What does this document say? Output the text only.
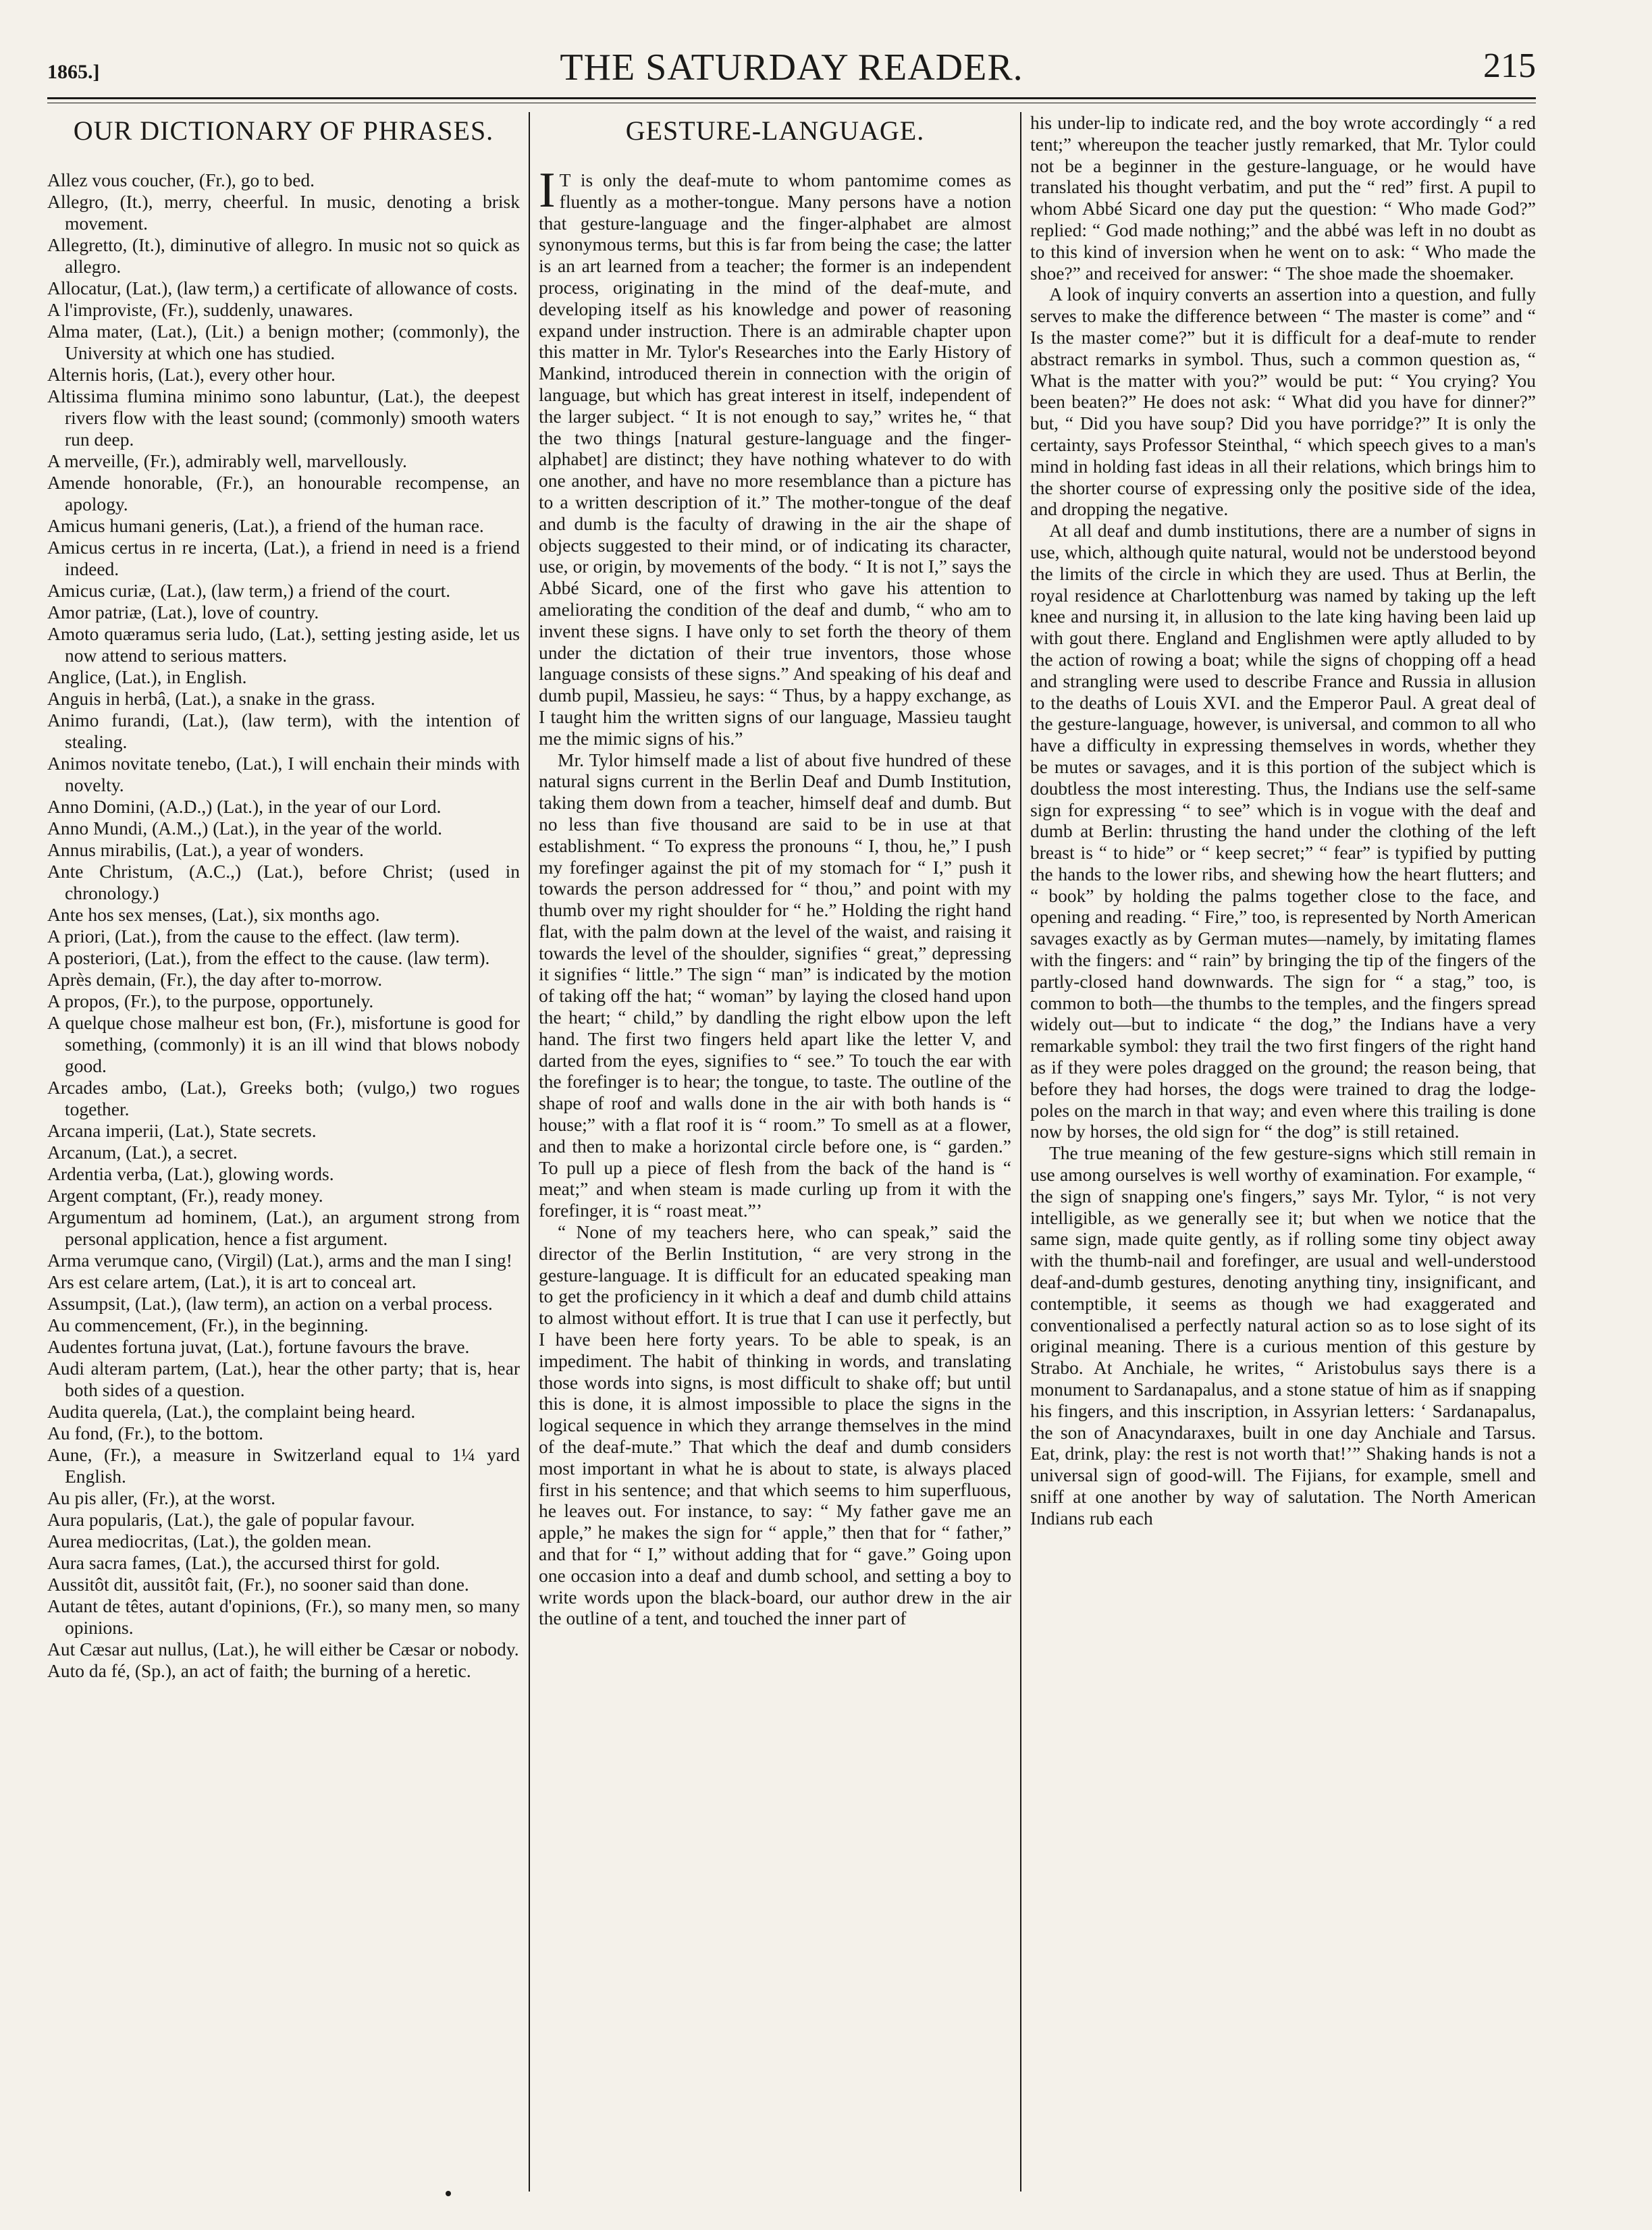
1865.]	THE SATURDAY READER.	215
OUR DICTIONARY OF PHRASES.
Allez vous coucher, (Fr.), go to bed.
Allegro, (It.), merry, cheerful. In music, denoting a brisk movement.
Allegretto, (It.), diminutive of allegro. In music not so quick as allegro.
Allocatur, (Lat.), (law term,) a certificate of allowance of costs.
A l'improviste, (Fr.), suddenly, unawares.
Alma mater, (Lat.), (Lit.) a benign mother; (commonly), the University at which one has studied.
Alternis horis, (Lat.), every other hour.
Altissima flumina minimo sono labuntur, (Lat.), the deepest rivers flow with the least sound; (commonly) smooth waters run deep.
A merveille, (Fr.), admirably well, marvellously.
Amende honorable, (Fr.), an honourable recompense, an apology.
Amicus humani generis, (Lat.), a friend of the human race.
Amicus certus in re incerta, (Lat.), a friend in need is a friend indeed.
Amicus curiæ, (Lat.), (law term,) a friend of the court.
Amor patriæ, (Lat.), love of country.
Amoto quæramus seria ludo, (Lat.), setting jesting aside, let us now attend to serious matters.
Anglice, (Lat.), in English.
Anguis in herbâ, (Lat.), a snake in the grass.
Animo furandi, (Lat.), (law term), with the intention of stealing.
Animos novitate tenebo, (Lat.), I will enchain their minds with novelty.
Anno Domini, (A.D.,) (Lat.), in the year of our Lord.
Anno Mundi, (A.M.,) (Lat.), in the year of the world.
Annus mirabilis, (Lat.), a year of wonders.
Ante Christum, (A.C.,) (Lat.), before Christ; (used in chronology.)
Ante hos sex menses, (Lat.), six months ago.
A priori, (Lat.), from the cause to the effect. (law term).
A posteriori, (Lat.), from the effect to the cause. (law term).
Après demain, (Fr.), the day after to-morrow.
A propos, (Fr.), to the purpose, opportunely.
A quelque chose malheur est bon, (Fr.), misfortune is good for something, (commonly) it is an ill wind that blows nobody good.
Arcades ambo, (Lat.), Greeks both; (vulgo,) two rogues together.
Arcana imperii, (Lat.), State secrets.
Arcanum, (Lat.), a secret.
Ardentia verba, (Lat.), glowing words.
Argent comptant, (Fr.), ready money.
Argumentum ad hominem, (Lat.), an argument strong from personal application, hence a fist argument.
Arma verumque cano, (Virgil) (Lat.), arms and the man I sing!
Ars est celare artem, (Lat.), it is art to conceal art.
Assumpsit, (Lat.), (law term), an action on a verbal process.
Au commencement, (Fr.), in the beginning.
Audentes fortuna juvat, (Lat.), fortune favours the brave.
Audi alteram partem, (Lat.), hear the other party; that is, hear both sides of a question.
Audita querela, (Lat.), the complaint being heard.
Au fond, (Fr.), to the bottom.
Aune, (Fr.), a measure in Switzerland equal to 1¼ yard English.
Au pis aller, (Fr.), at the worst.
Aura popularis, (Lat.), the gale of popular favour.
Aurea mediocritas, (Lat.), the golden mean.
Aura sacra fames, (Lat.), the accursed thirst for gold.
Aussitôt dit, aussitôt fait, (Fr.), no sooner said than done.
Autant de têtes, autant d'opinions, (Fr.), so many men, so many opinions.
Aut Cæsar aut nullus, (Lat.), he will either be Cæsar or nobody.
Auto da fé, (Sp.), an act of faith; the burning of a heretic.
GESTURE-LANGUAGE.

I T is only the deaf-mute to whom pantomime comes as fluently as a mother-tongue. Many persons have a notion that gesture-language and the finger-alphabet are almost synonymous terms, but this is far from being the case; the latter is an art learned from a teacher; the former is an independent process, originating in the mind of the deaf-mute, and developing itself as his knowledge and power of reasoning expand under instruction. There is an admirable chapter upon this matter in Mr. Tylor's Researches into the Early History of Mankind, introduced therein in connection with the origin of language, but which has great interest in itself, independent of the larger subject. “ It is not enough to say,” writes he, “ that the two things [natural gesture-language and the finger-alphabet] are distinct; they have nothing whatever to do with one another, and have no more resemblance than a picture has to a written description of it.” The mother-tongue of the deaf and dumb is the faculty of drawing in the air the shape of objects suggested to their mind, or of indicating its character, use, or origin, by movements of the body. “ It is not I,” says the Abbé Sicard, one of the first who gave his attention to ameliorating the condition of the deaf and dumb, “ who am to invent these signs. I have only to set forth the theory of them under the dictation of their true inventors, those whose language consists of these signs.” And speaking of his deaf and dumb pupil, Massieu, he says: “ Thus, by a happy exchange, as I taught him the written signs of our language, Massieu taught me the mimic signs of his.”

Mr. Tylor himself made a list of about five hundred of these natural signs current in the Berlin Deaf and Dumb Institution, taking them down from a teacher, himself deaf and dumb. But no less than five thousand are said to be in use at that establishment. “ To express the pronouns “ I, thou, he,” I push my forefinger against the pit of my stomach for “ I,” push it towards the person addressed for “ thou,” and point with my thumb over my right shoulder for “ he.” Holding the right hand flat, with the palm down at the level of the waist, and raising it towards the level of the shoulder, signifies “ great,” depressing it signifies “ little.” The sign “ man” is indicated by the motion of taking off the hat; “ woman” by laying the closed hand upon the heart; “ child,” by dandling the right elbow upon the left hand. The first two fingers held apart like the letter V, and darted from the eyes, signifies to “ see.” To touch the ear with the forefinger is to hear; the tongue, to taste. The outline of the shape of roof and walls done in the air with both hands is “ house;” with a flat roof it is “ room.” To smell as at a flower, and then to make a horizontal circle before one, is “ garden.” To pull up a piece of flesh from the back of the hand is “ meat;” and when steam is made curling up from it with the forefinger, it is “ roast meat.”’

“ None of my teachers here, who can speak,” said the director of the Berlin Institution, “ are very strong in the gesture-language. It is difficult for an educated speaking man to get the proficiency in it which a deaf and dumb child attains to almost without effort. It is true that I can use it perfectly, but I have been here forty years. To be able to speak, is an impediment. The habit of thinking in words, and translating those words into signs, is most difficult to shake off; but until this is done, it is almost impossible to place the signs in the logical sequence in which they arrange themselves in the mind of the deaf-mute.” That which the deaf and dumb considers most important in what he is about to state, is always placed first in his sentence; and that which seems to him superfluous, he leaves out. For instance, to say: “ My father gave me an apple,” he makes the sign for “ apple,” then that for “ father,” and that for “ I,” without adding that for “ gave.” Going upon one occasion into a deaf and dumb school, and setting a boy to write words upon the black-board, our author drew in the air the outline of a tent, and touched the inner part of

his under-lip to indicate red, and the boy wrote accordingly “ a red tent;” whereupon the teacher justly remarked, that Mr. Tylor could not be a beginner in the gesture-language, or he would have translated his thought verbatim, and put the “ red” first. A pupil to whom Abbé Sicard one day put the question: “ Who made God?” replied: “ God made nothing;” and the abbé was left in no doubt as to this kind of inversion when he went on to ask: “ Who made the shoe?” and received for answer: “ The shoe made the shoemaker.

A look of inquiry converts an assertion into a question, and fully serves to make the difference between “ The master is come” and “ Is the master come?” but it is difficult for a deaf-mute to render abstract remarks in symbol. Thus, such a common question as, “ What is the matter with you?” would be put: “ You crying? You been beaten?” He does not ask: “ What did you have for dinner?” but, “ Did you have soup? Did you have porridge?” It is only the certainty, says Professor Steinthal, “ which speech gives to a man's mind in holding fast ideas in all their relations, which brings him to the shorter course of expressing only the positive side of the idea, and dropping the negative.

At all deaf and dumb institutions, there are a number of signs in use, which, although quite natural, would not be understood beyond the limits of the circle in which they are used. Thus at Berlin, the royal residence at Charlottenburg was named by taking up the left knee and nursing it, in allusion to the late king having been laid up with gout there. England and Englishmen were aptly alluded to by the action of rowing a boat; while the signs of chopping off a head and strangling were used to describe France and Russia in allusion to the deaths of Louis XVI. and the Emperor Paul. A great deal of the gesture-language, however, is universal, and common to all who have a difficulty in expressing themselves in words, whether they be mutes or savages, and it is this portion of the subject which is doubtless the most interesting. Thus, the Indians use the self-same sign for expressing “ to see” which is in vogue with the deaf and dumb at Berlin: thrusting the hand under the clothing of the left breast is “ to hide” or “ keep secret;” “ fear” is typified by putting the hands to the lower ribs, and shewing how the heart flutters; and “ book” by holding the palms together close to the face, and opening and reading. “ Fire,” too, is represented by North American savages exactly as by German mutes—namely, by imitating flames with the fingers: and “ rain” by bringing the tip of the fingers of the partly-closed hand downwards. The sign for “ a stag,” too, is common to both—the thumbs to the temples, and the fingers spread widely out—but to indicate “ the dog,” the Indians have a very remarkable symbol: they trail the two first fingers of the right hand as if they were poles dragged on the ground; the reason being, that before they had horses, the dogs were trained to drag the lodge-poles on the march in that way; and even where this trailing is done now by horses, the old sign for “ the dog” is still retained.

The true meaning of the few gesture-signs which still remain in use among ourselves is well worthy of examination. For example, “ the sign of snapping one's fingers,” says Mr. Tylor, “ is not very intelligible, as we generally see it; but when we notice that the same sign, made quite gently, as if rolling some tiny object away with the thumb-nail and forefinger, are usual and well-understood deaf-and-dumb gestures, denoting anything tiny, insignificant, and contemptible, it seems as though we had exaggerated and conventionalised a perfectly natural action so as to lose sight of its original meaning. There is a curious mention of this gesture by Strabo. At Anchiale, he writes, “ Aristobulus says there is a monument to Sardanapalus, and a stone statue of him as if snapping his fingers, and this inscription, in Assyrian letters: ‘ Sardanapalus, the son of Anacyndaraxes, built in one day Anchiale and Tarsus. Eat, drink, play: the rest is not worth that!’” Shaking hands is not a universal sign of good-will. The Fijians, for example, smell and sniff at one another by way of salutation. The North American Indians rub each
